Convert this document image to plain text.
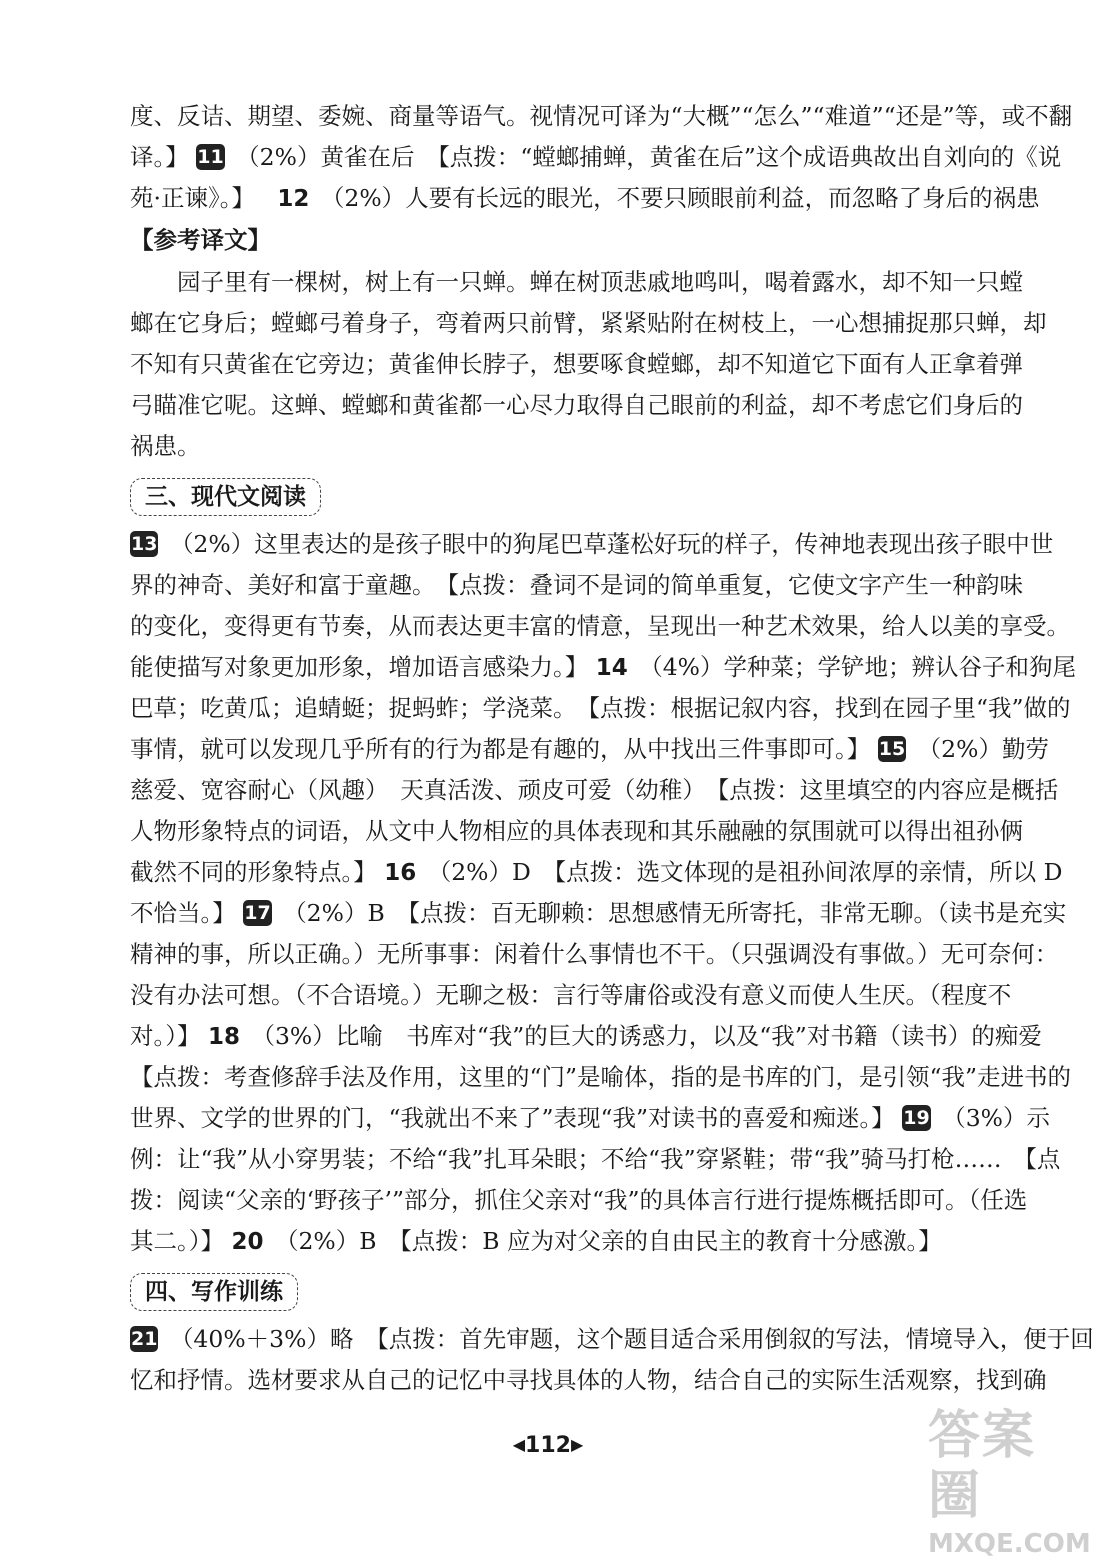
度、反诘、期望、委婉、商量等语气。视情况可译为“大概”“怎么”“难道”“还是”等，或不翻
译。】 11 （2%）黄雀在后　【点拨：“螳螂捕蝉，黄雀在后”这个成语典故出自刘向的《说
苑·正谏》。】 12 （2%）人要有长远的眼光，不要只顾眼前利益，而忽略了身后的祸患
【参考译文】
园子里有一棵树，树上有一只蝉。蝉在树顶悲戚地鸣叫，喝着露水，却不知一只螳
螂在它身后；螳螂弓着身子，弯着两只前臂，紧紧贴附在树枝上，一心想捕捉那只蝉，却
不知有只黄雀在它旁边；黄雀伸长脖子，想要啄食螳螂，却不知道它下面有人正拿着弹
弓瞄准它呢。这蝉、螳螂和黄雀都一心尽力取得自己眼前的利益，却不考虑它们身后的
祸患。
三、现代文阅读
13 （2%）这里表达的是孩子眼中的狗尾巴草蓬松好玩的样子，传神地表现出孩子眼中世
界的神奇、美好和富于童趣。　【点拨：叠词不是词的简单重复，它使文字产生一种韵味
的变化，变得更有节奏，从而表达更丰富的情意，呈现出一种艺术效果，给人以美的享受。
能使描写对象更加形象，增加语言感染力。】 14 （4%）学种菜；学铲地；辨认谷子和狗尾
巴草；吃黄瓜；追蜻蜓；捉蚂蚱；学浇菜。　【点拨：根据记叙内容，找到在园子里“我”做的
事情，就可以发现几乎所有的行为都是有趣的，从中找出三件事即可。】 15 （2%）勤劳
慈爱、宽容耐心（风趣）　天真活泼、顽皮可爱（幼稚）　【点拨：这里填空的内容应是概括
人物形象特点的词语，从文中人物相应的具体表现和其乐融融的氛围就可以得出祖孙俩
截然不同的形象特点。】 16 （2%）D　【点拨：选文体现的是祖孙间浓厚的亲情，所以 D
不恰当。】 17 （2%）B　【点拨：百无聊赖：思想感情无所寄托，非常无聊。（读书是充实
精神的事，所以正确。）无所事事：闲着什么事情也不干。（只强调没有事做。）无可奈何：
没有办法可想。（不合语境。）无聊之极：言行等庸俗或没有意义而使人生厌。（程度不
对。）】 18 （3%）比喻　书库对“我”的巨大的诱惑力，以及“我”对书籍（读书）的痴爱
【点拨：考查修辞手法及作用，这里的“门”是喻体，指的是书库的门，是引领“我”走进书的
世界、文学的世界的门，“我就出不来了”表现“我”对读书的喜爱和痴迷。】 19 （3%）示
例：让“我”从小穿男装；不给“我”扎耳朵眼；不给“我”穿紧鞋；带“我”骑马打枪……　【点
拨：阅读“父亲的‘野孩子’”部分，抓住父亲对“我”的具体言行进行提炼概括即可。（任选
其二。）】 20 （2%）B　【点拨：B 应为对父亲的自由民主的教育十分感激。】
四、写作训练
21 （40%＋3%）略　【点拨：首先审题，这个题目适合采用倒叙的写法，情境导入，便于回
忆和抒情。选材要求从自己的记忆中寻找具体的人物，结合自己的实际生活观察，找到确
◀112▶	答案圈
MXQE.COM
